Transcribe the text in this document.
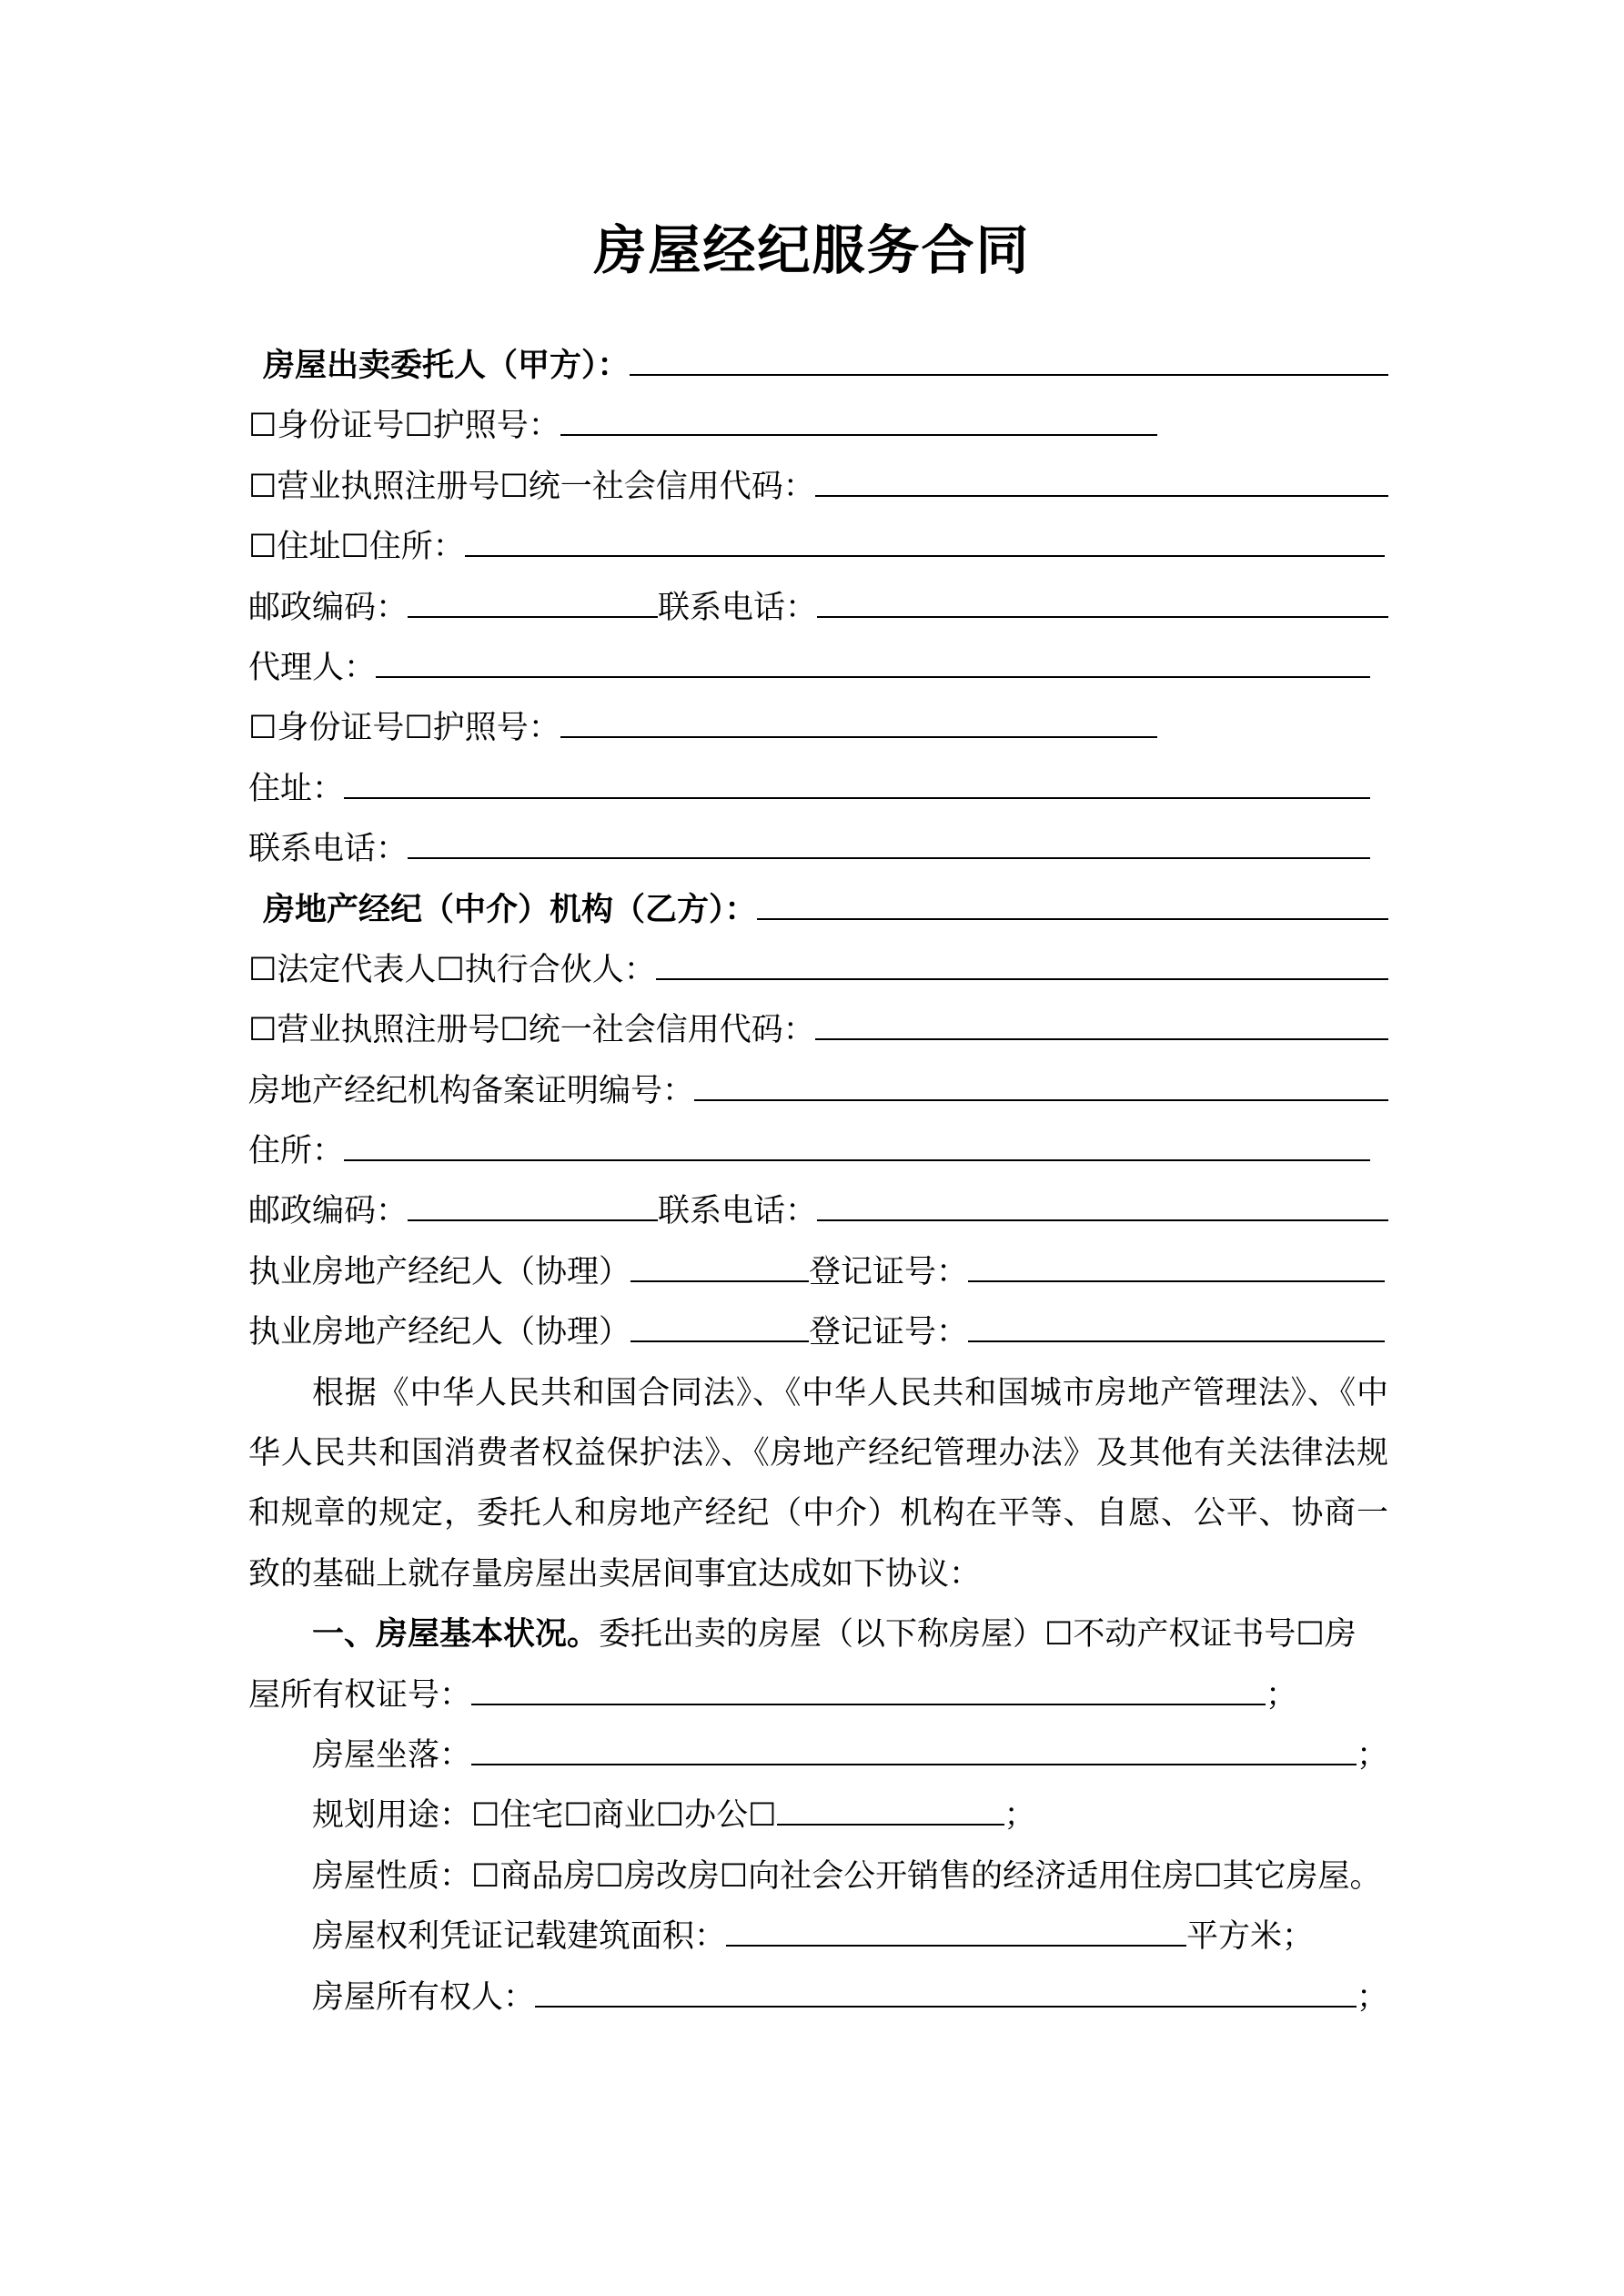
房屋经纪服务合同
房屋出卖委托人（甲方）：
☐身份证号☐护照号：
☐营业执照注册号☐统一社会信用代码：
☐住址☐住所：
邮政编码：	联系电话：
代理人：
☐身份证号☐护照号：
住址：
联系电话：
房地产经纪（中介）机构（乙方）：
☐法定代表人☐执行合伙人：
☐营业执照注册号☐统一社会信用代码：
房地产经纪机构备案证明编号：
住所：
邮政编码：	联系电话：
执业房地产经纪人（协理）	登记证号：
执业房地产经纪人（协理）	登记证号：
根据《中华人民共和国合同法》、《中华人民共和国城市房地产管理法》、《中华人民共和国消费者权益保护法》、《房地产经纪管理办法》及其他有关法律法规和规章的规定，委托人和房地产经纪（中介）机构在平等、自愿、公平、协商一致的基础上就存量房屋出卖居间事宜达成如下协议：
一、房屋基本状况。委托出卖的房屋（以下称房屋）☐不动产权证书号☐房
屋所有权证号：	；
房屋坐落：	；
规划用途：☐住宅☐商业☐办公☐	；
房屋性质：☐商品房☐房改房☐向社会公开销售的经济适用住房☐其它房屋。
房屋权利凭证记载建筑面积：	平方米；
房屋所有权人：	；
